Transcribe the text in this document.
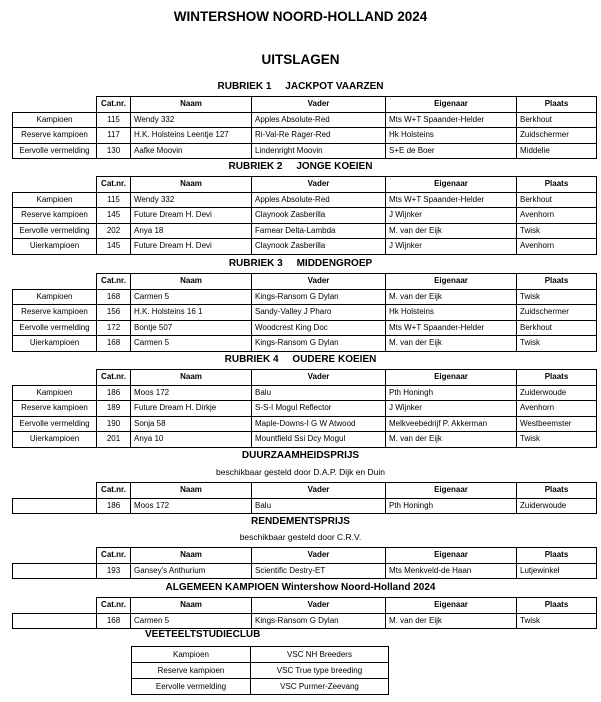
WINTERSHOW NOORD-HOLLAND 2024
UITSLAGEN
RUBRIEK 1     JACKPOT VAARZEN
	Cat.nr.	Naam	Vader	Eigenaar	Plaats
Kampioen	115	Wendy 332	Apples Absolute-Red	Mts W+T Spaander-Helder	Berkhout
Reserve kampioen	117	H.K. Holsteins Leentje 127	Ri-Val-Re Rager-Red	Hk Holsteins	Zuidschermer
Eervolle vermelding	130	Aafke Moovin	Lindenright Moovin	S+E de Boer	Middelie
RUBRIEK 2     JONGE KOEIEN
	Cat.nr.	Naam	Vader	Eigenaar	Plaats
Kampioen	115	Wendy 332	Apples Absolute-Red	Mts W+T Spaander-Helder	Berkhout
Reserve kampioen	145	Future Dream H. Devi	Claynook Zasberilla	J Wijnker	Avenhorn
Eervolle vermelding	202	Anya 18	Farnear Delta-Lambda	M. van der Eijk	Twisk
Uierkampioen	145	Future Dream H. Devi	Claynook Zasberilla	J Wijnker	Avenhorn
RUBRIEK 3     MIDDENGROEP
	Cat.nr.	Naam	Vader	Eigenaar	Plaats
Kampioen	168	Carmen 5	Kings-Ransom G Dylan	M. van der Eijk	Twisk
Reserve kampioen	156	H.K. Holsteins 16 1	Sandy-Valley J Pharo	Hk Holsteins	Zuidschermer
Eervolle vermelding	172	Bontje 507	Woodcrest King Doc	Mts W+T Spaander-Helder	Berkhout
Uierkampioen	168	Carmen 5	Kings-Ransom G Dylan	M. van der Eijk	Twisk
RUBRIEK 4     OUDERE KOEIEN
	Cat.nr.	Naam	Vader	Eigenaar	Plaats
Kampioen	186	Moos 172	Balu	Pth Honingh	Zuiderwoude
Reserve kampioen	189	Future Dream H. Dirkje	S-S-I Mogul Reflector	J Wijnker	Avenhorn
Eervolle vermelding	190	Sonja 58	Maple-Downs-I G W Atwood	Melkveebedrijf P. Akkerman	Westbeemster
Uierkampioen	201	Anya 10	Mountfield Ssi Dcy Mogul	M. van der Eijk	Twisk
DUURZAAMHEIDSPRIJS
beschikbaar gesteld door D.A.P. Dijk en Duin
	Cat.nr.	Naam	Vader	Eigenaar	Plaats
	186	Moos 172	Balu	Pth Honingh	Zuiderwoude
RENDEMENTSPRIJS
beschikbaar gesteld door C.R.V.
	Cat.nr.	Naam	Vader	Eigenaar	Plaats
	193	Gansey's Anthurium	Scientific Destry-ET	Mts Menkveld-de Haan	Lutjewinkel
ALGEMEEN KAMPIOEN Wintershow Noord-Holland 2024
	Cat.nr.	Naam	Vader	Eigenaar	Plaats
	168	Carmen 5	Kings-Ransom G Dylan	M. van der Eijk	Twisk
VEETEELTSTUDIECLUB
Kampioen	VSC NH Breeders
Reserve kampioen	VSC True type breeding
Eervolle vermelding	VSC Purmer-Zeevang
